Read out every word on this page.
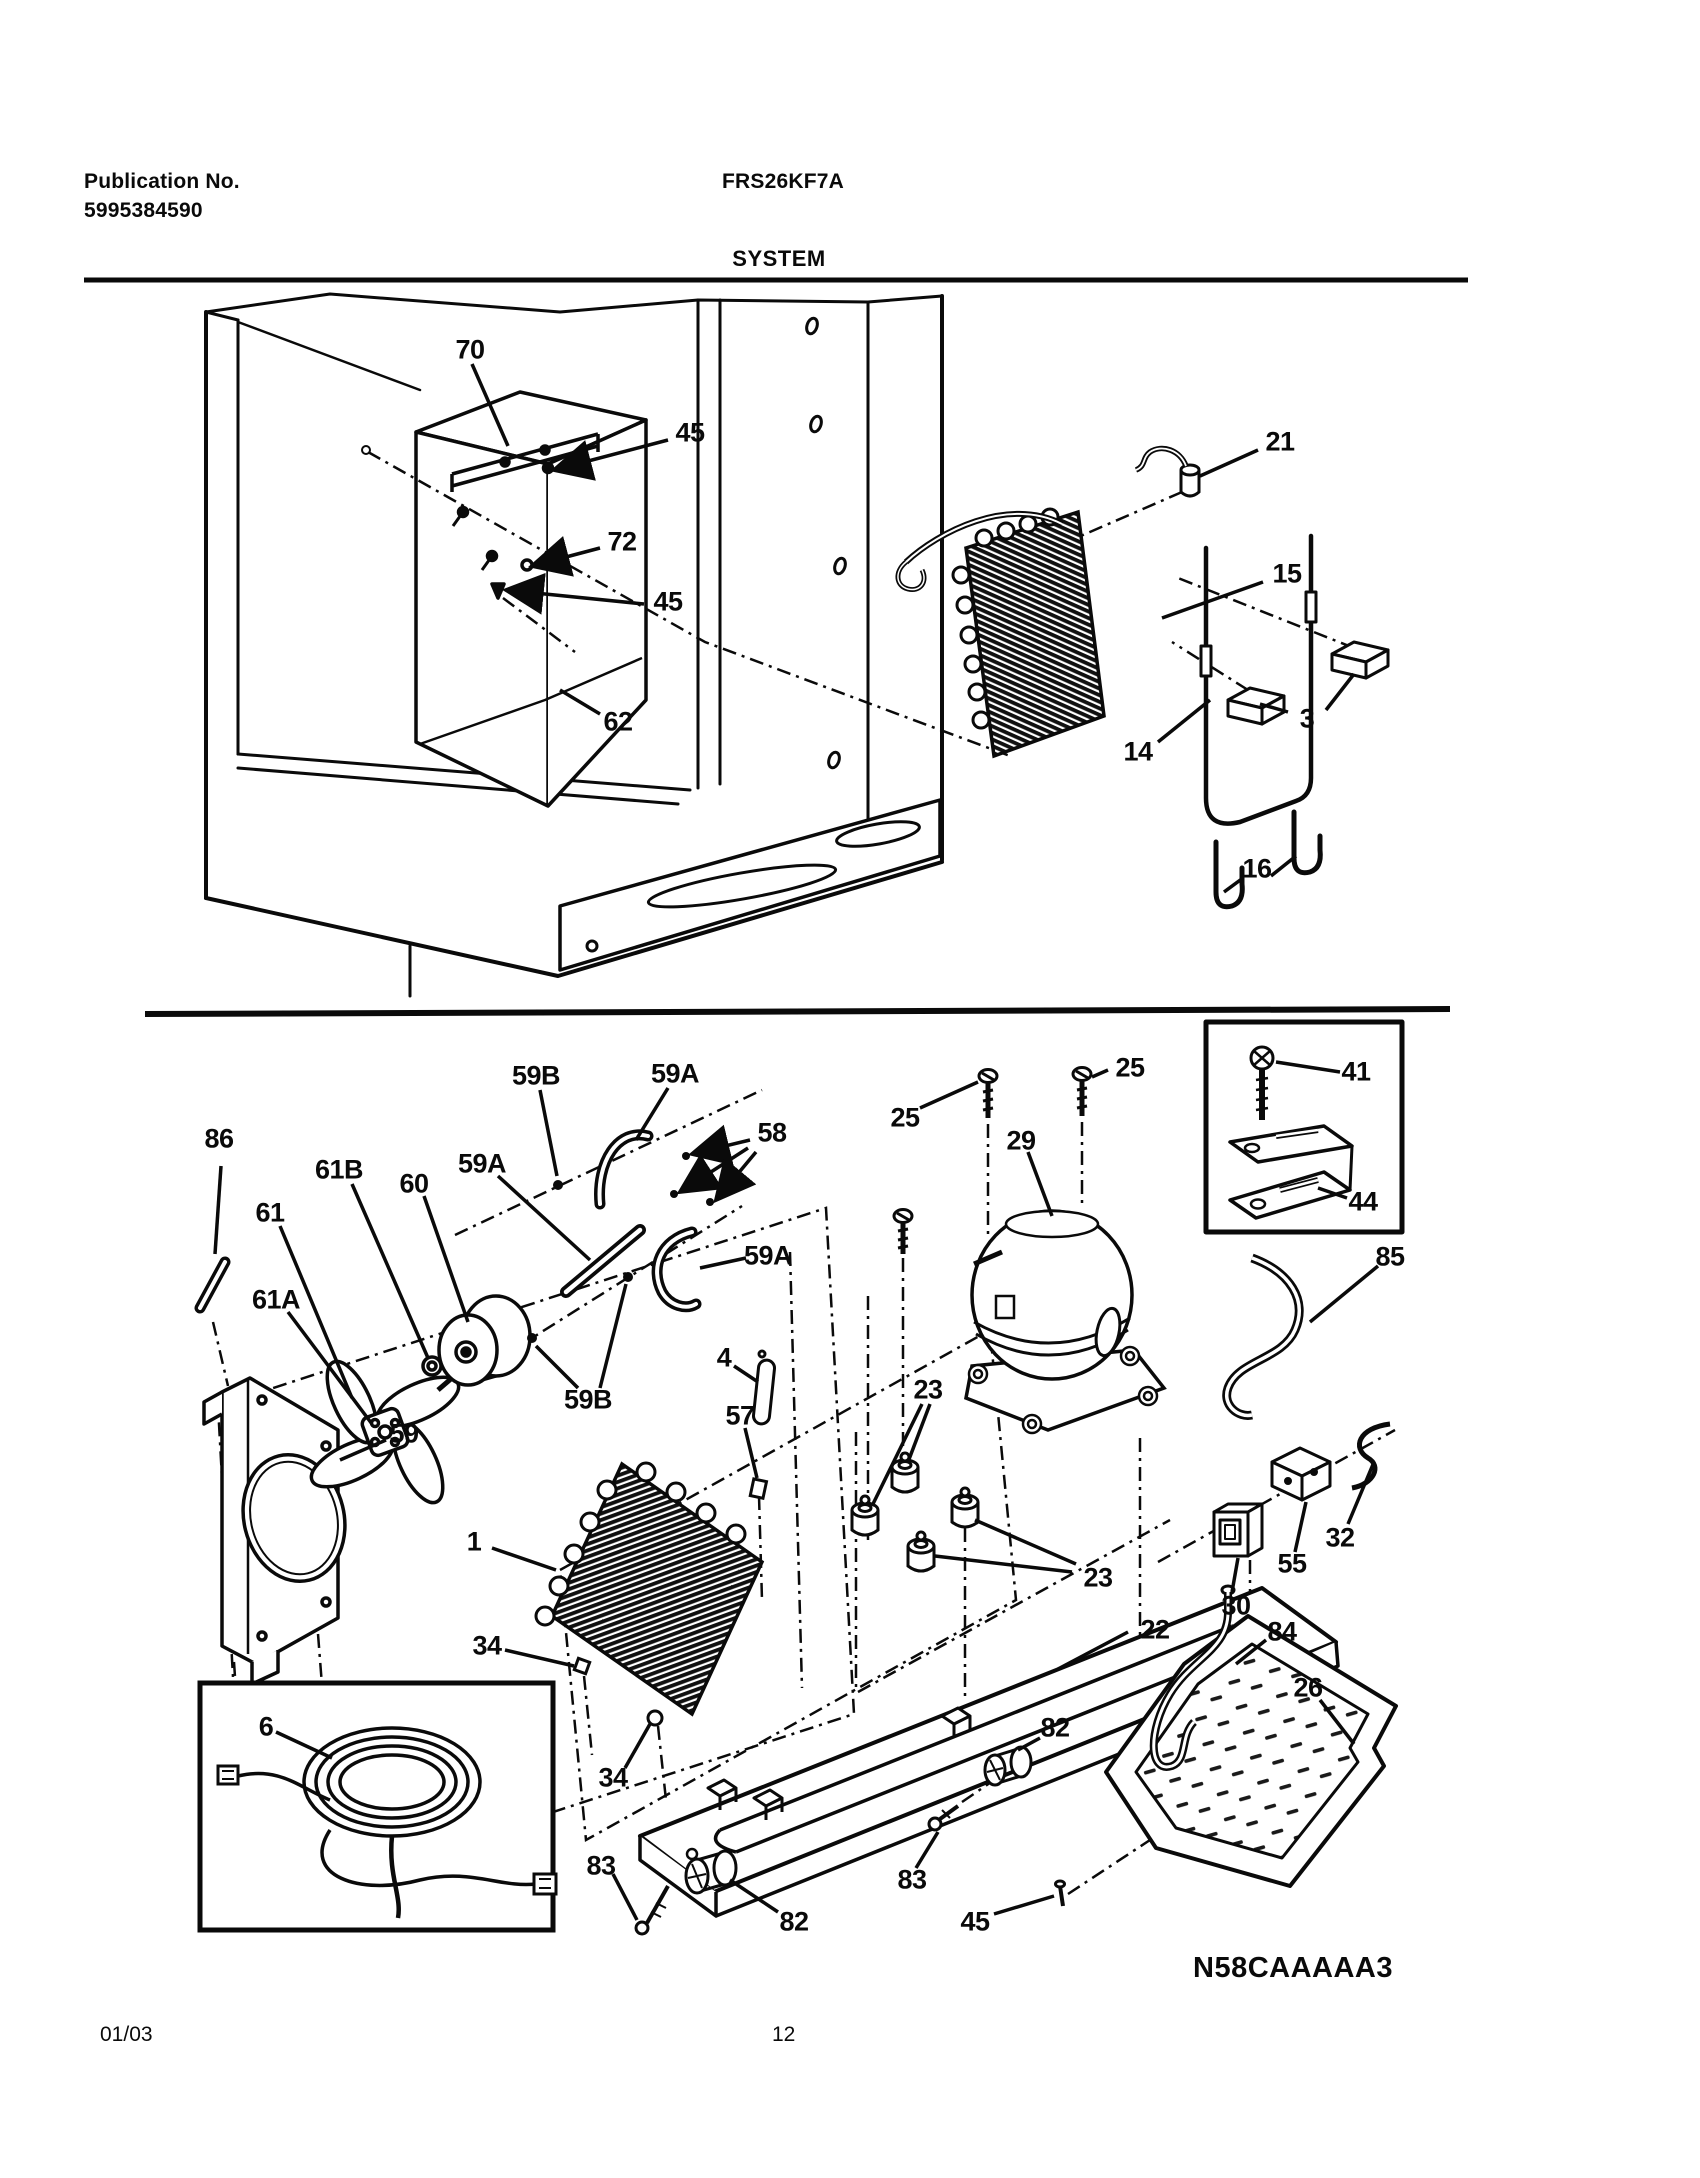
Publication No.
5995384590
FRS26KF7A
SYSTEM
01/03	12
N58CAAAAA3
70
45
72
45
62
21
15
3
14
16
86
61B
61
60
59A
59B	59A
58
59A
61A
59B
59
4
57
1
34
34
6
83
82
83
82
45
25
25
29
41
44
85
23
23
32
55
30
22	84
26
